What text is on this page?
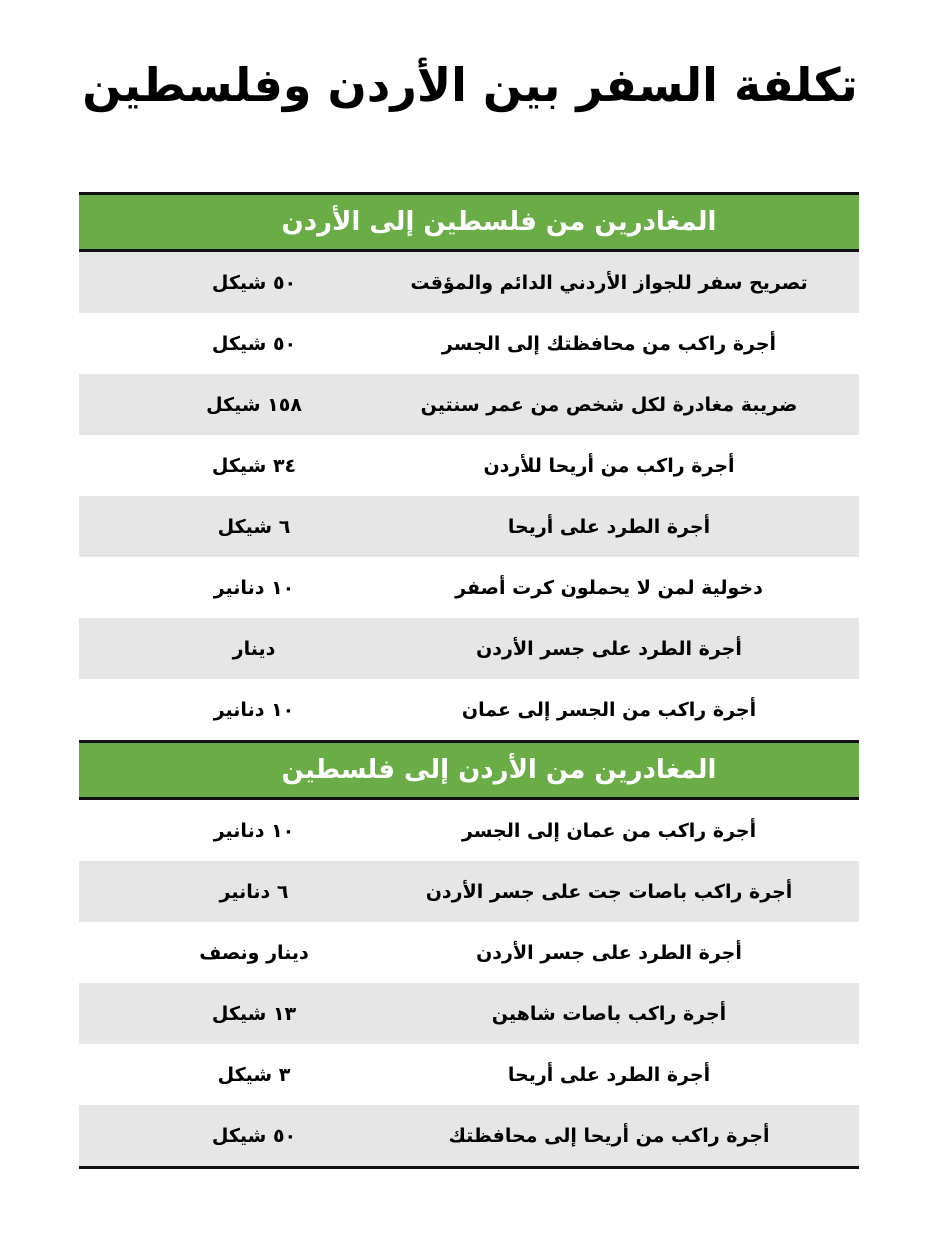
تكلفة السفر بين الأردن وفلسطين
المغادرين من فلسطين إلى الأردن
تصريح سفر للجواز الأردني الدائم والمؤقت
٥٠ شيكل
أجرة راكب من محافظتك إلى الجسر
٥٠ شيكل
ضريبة مغادرة لكل شخص من عمر سنتين
١٥٨ شيكل
أجرة راكب من أريحا للأردن
٣٤ شيكل
أجرة الطرد على أريحا
٦ شيكل
دخولية لمن لا يحملون كرت أصفر
١٠ دنانير
أجرة الطرد على جسر الأردن
دينار
أجرة راكب من الجسر إلى عمان
١٠ دنانير
المغادرين من الأردن إلى فلسطين
أجرة راكب من عمان إلى الجسر
١٠ دنانير
أجرة راكب باصات جت على جسر الأردن
٦ دنانير
أجرة الطرد على جسر الأردن
دينار ونصف
أجرة راكب باصات شاهين
١٣ شيكل
أجرة الطرد على أريحا
٣ شيكل
أجرة راكب من أريحا إلى محافظتك
٥٠ شيكل
